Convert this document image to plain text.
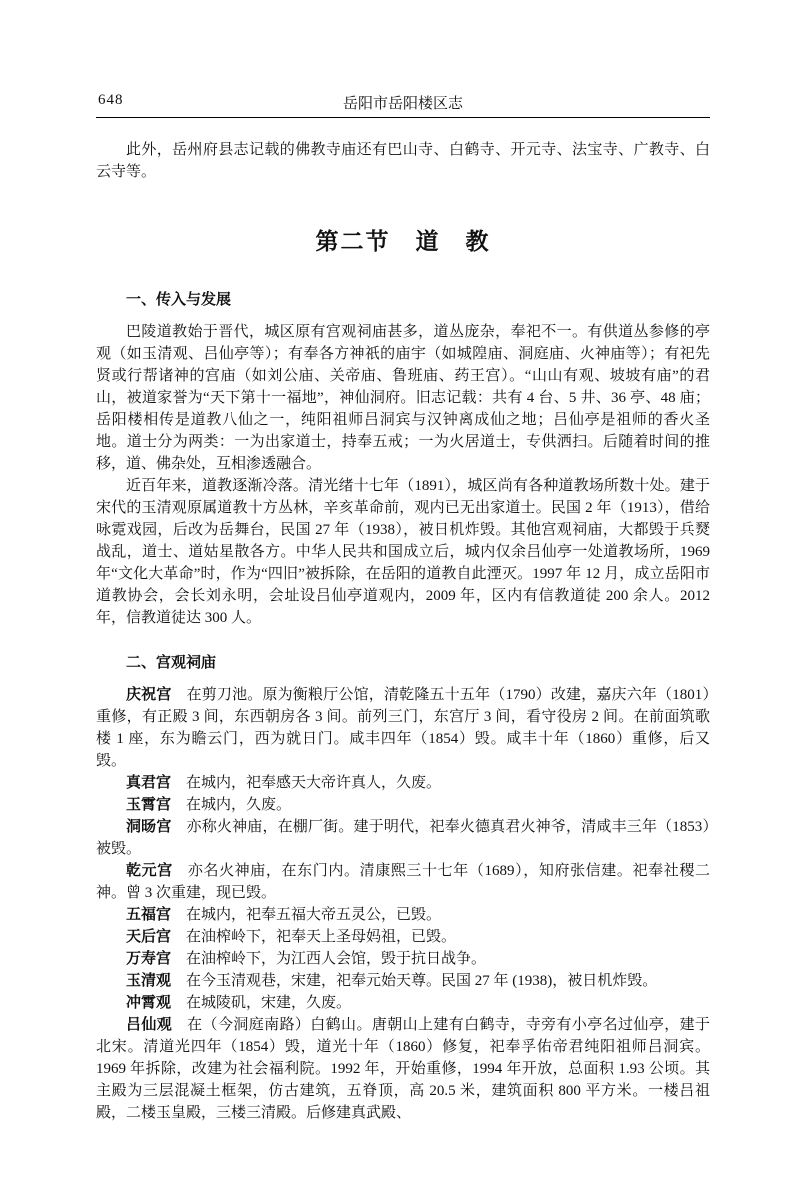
648	岳阳市岳阳楼区志

此外，岳州府县志记载的佛教寺庙还有巴山寺、白鹤寺、开元寺、法宝寺、广教寺、白云寺等。

第二节　道　教
一、传入与发展

巴陵道教始于晋代，城区原有宫观祠庙甚多，道丛庞杂，奉祀不一。有供道丛参修的亭观（如玉清观、吕仙亭等）；有奉各方神祇的庙宇（如城隍庙、洞庭庙、火神庙等）；有祀先贤或行帮诸神的宫庙（如刘公庙、关帝庙、鲁班庙、药王宫）。“山山有观、坡坡有庙”的君山，被道家誉为“天下第十一福地”，神仙洞府。旧志记载：共有 4 台、5 井、36 亭、48 庙；岳阳楼相传是道教八仙之一，纯阳祖师吕洞宾与汉钟离成仙之地；吕仙亭是祖师的香火圣地。道士分为两类：一为出家道士，持奉五戒；一为火居道士，专供洒扫。后随着时间的推移，道、佛杂处，互相渗透融合。

近百年来，道教逐渐冷落。清光绪十七年（1891），城区尚有各种道教场所数十处。建于宋代的玉清观原属道教十方丛林，辛亥革命前，观内已无出家道士。民国 2 年（1913），借给咏霓戏园，后改为岳舞台，民国 27 年（1938），被日机炸毁。其他宫观祠庙，大都毁于兵燹战乱，道士、道姑星散各方。中华人民共和国成立后，城内仅余吕仙亭一处道教场所，1969 年“文化大革命”时，作为“四旧”被拆除，在岳阳的道教自此湮灭。1997 年 12 月，成立岳阳市道教协会，会长刘永明，会址设吕仙亭道观内，2009 年，区内有信教道徒 200 余人。2012 年，信教道徒达 300 人。

二、宫观祠庙

庆祝宫 在剪刀池。原为衡粮厅公馆，清乾隆五十五年（1790）改建，嘉庆六年（1801）重修，有正殿 3 间，东西朝房各 3 间。前列三门，东宫厅 3 间，看守役房 2 间。在前面筑歌楼 1 座，东为瞻云门，西为就日门。咸丰四年（1854）毁。咸丰十年（1860）重修，后又毁。

真君宫 在城内，祀奉感天大帝许真人，久废。

玉霄宫 在城内，久废。

洞旸宫 亦称火神庙，在棚厂街。建于明代，祀奉火德真君火神爷，清咸丰三年（1853）被毁。

乾元宫 亦名火神庙，在东门内。清康熙三十七年（1689），知府张信建。祀奉社稷二神。曾 3 次重建，现已毁。

五福宫 在城内，祀奉五福大帝五灵公，已毁。

天后宫 在油榨岭下，祀奉天上圣母妈祖，已毁。

万寿宫 在油榨岭下，为江西人会馆，毁于抗日战争。

玉清观 在今玉清观巷，宋建，祀奉元始天尊。民国 27 年 (1938)，被日机炸毁。

冲霄观 在城陵矶，宋建，久废。

吕仙观 在（今洞庭南路）白鹤山。唐朝山上建有白鹤寺，寺旁有小亭名过仙亭，建于北宋。清道光四年（1854）毁，道光十年（1860）修复，祀奉孚佑帝君纯阳祖师吕洞宾。1969 年拆除，改建为社会福利院。1992 年，开始重修，1994 年开放，总面积 1.93 公顷。其主殿为三层混凝土框架，仿古建筑，五脊顶，高 20.5 米，建筑面积 800 平方米。一楼吕祖殿，二楼玉皇殿，三楼三清殿。后修建真武殿、
